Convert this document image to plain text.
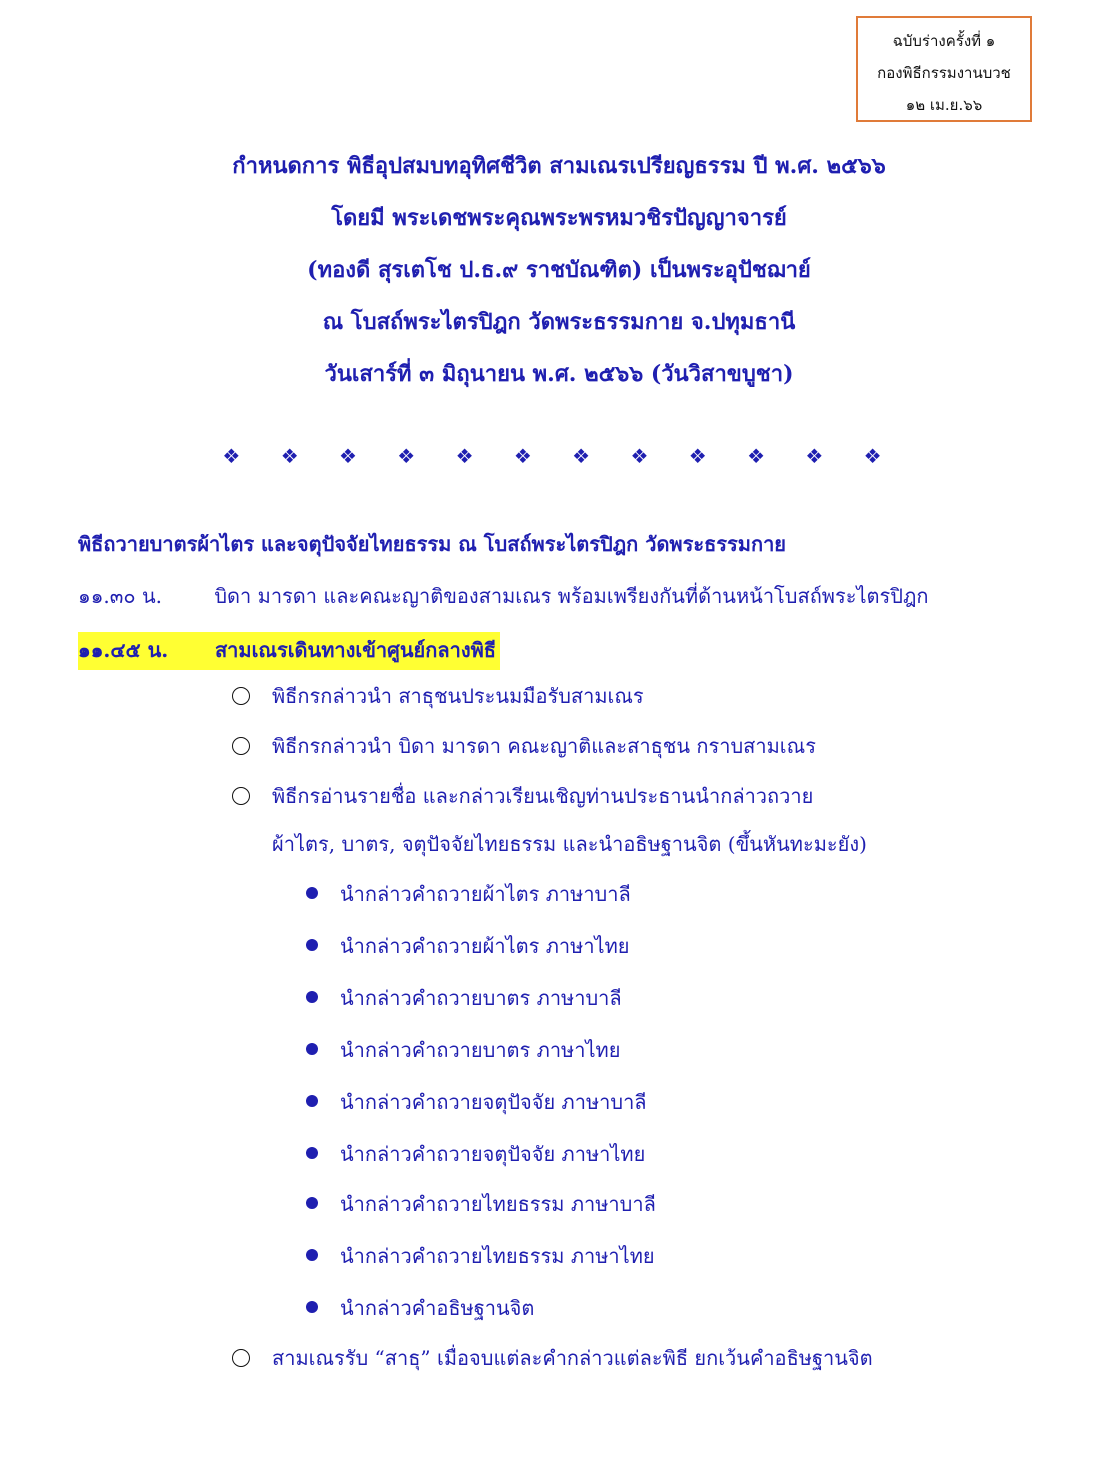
ฉบับร่างครั้งที่ ๑
กองพิธีกรรมงานบวช
๑๒ เม.ย.๖๖
กำหนดการ พิธีอุปสมบทอุทิศชีวิต สามเณรเปรียญธรรม ปี พ.ศ. ๒๕๖๖
โดยมี พระเดชพระคุณพระพรหมวชิรปัญญาจารย์
(ทองดี สุรเตโช ป.ธ.๙ ราชบัณฑิต) เป็นพระอุปัชฌาย์
ณ โบสถ์พระไตรปิฎก วัดพระธรรมกาย จ.ปทุมธานี
วันเสาร์ที่ ๓ มิถุนายน พ.ศ. ๒๕๖๖ (วันวิสาขบูชา)
❖ ❖ ❖ ❖ ❖ ❖ ❖ ❖ ❖ ❖ ❖ ❖
พิธีถวายบาตรผ้าไตร และจตุปัจจัยไทยธรรม ณ โบสถ์พระไตรปิฎก วัดพระธรรมกาย
๑๑.๓๐ น.	บิดา มารดา และคณะญาติของสามเณร พร้อมเพรียงกันที่ด้านหน้าโบสถ์พระไตรปิฎก
๑๑.๔๕ น. สามเณรเดินทางเข้าศูนย์กลางพิธี
พิธีกรกล่าวนำ สาธุชนประนมมือรับสามเณร
พิธีกรกล่าวนำ บิดา มารดา คณะญาติและสาธุชน กราบสามเณร
พิธีกรอ่านรายชื่อ และกล่าวเรียนเชิญท่านประธานนำกล่าวถวาย
ผ้าไตร, บาตร, จตุปัจจัยไทยธรรม และนำอธิษฐานจิต (ขึ้นหันทะมะยัง)
นำกล่าวคำถวายผ้าไตร ภาษาบาลี
นำกล่าวคำถวายผ้าไตร ภาษาไทย
นำกล่าวคำถวายบาตร ภาษาบาลี
นำกล่าวคำถวายบาตร ภาษาไทย
นำกล่าวคำถวายจตุปัจจัย ภาษาบาลี
นำกล่าวคำถวายจตุปัจจัย ภาษาไทย
นำกล่าวคำถวายไทยธรรม ภาษาบาลี
นำกล่าวคำถวายไทยธรรม ภาษาไทย
นำกล่าวคำอธิษฐานจิต
สามเณรรับ “สาธุ” เมื่อจบแต่ละคำกล่าวแต่ละพิธี ยกเว้นคำอธิษฐานจิต
